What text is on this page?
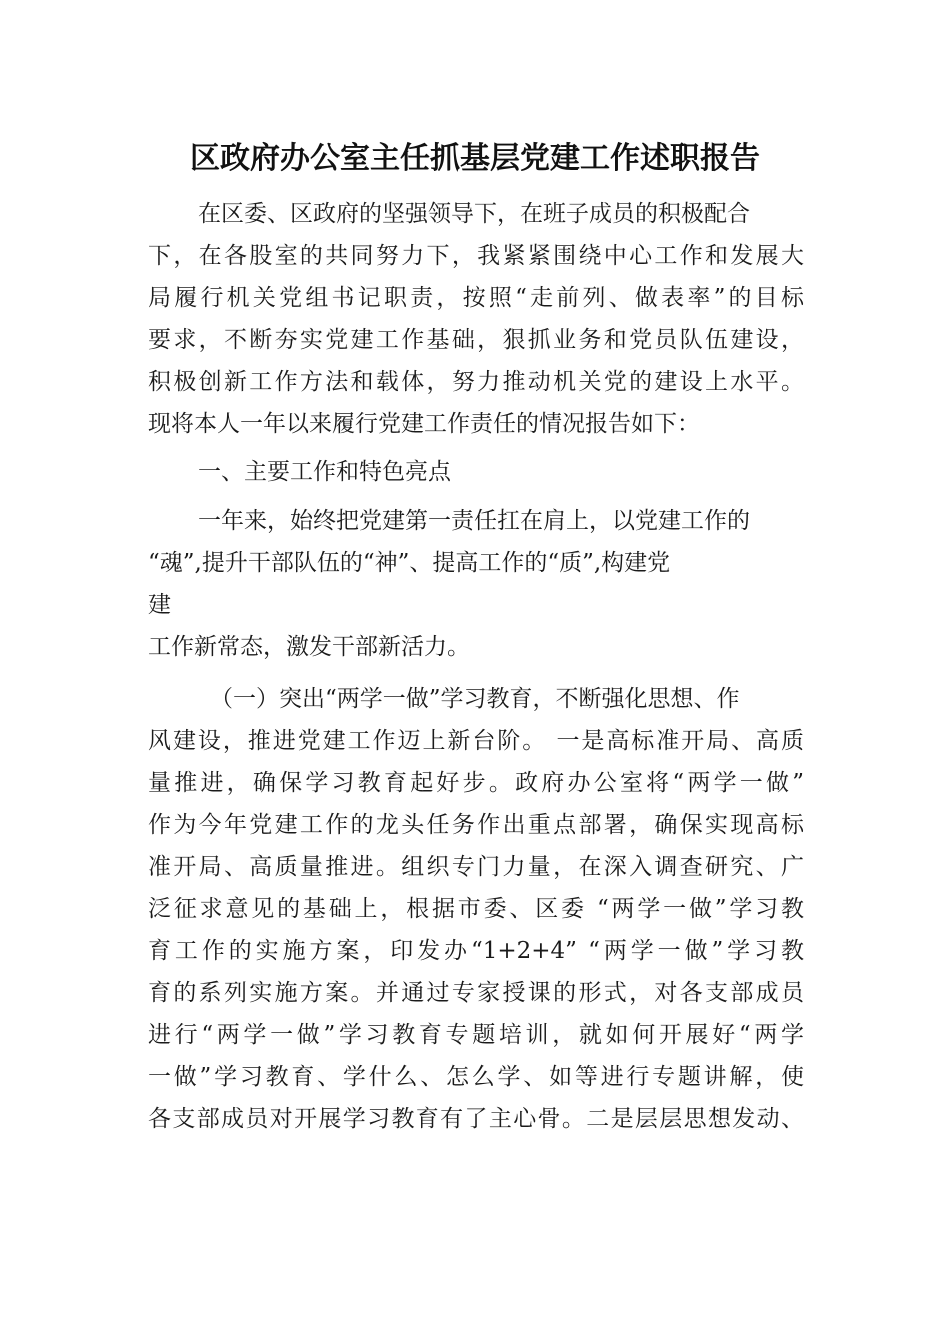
区政府办公室主任抓基层党建工作述职报告

在区委、区政府的坚强领导下，在班子成员的积极配合

下，在各股室的共同努力下，我紧紧围绕中心工作和发展大

局履行机关党组书记职责，按照“走前列、做表率”的目标

要求，不断夯实党建工作基础，狠抓业务和党员队伍建设，

积极创新工作方法和载体，努力推动机关党的建设上水平。

现将本人一年以来履行党建工作责任的情况报告如下：

一、主要工作和特色亮点

一年来，始终把党建第一责任扛在肩上，以党建工作的

“魂”,提升干部队伍的“神”、提高工作的“质”,构建党

建

工作新常态，激发干部新活力。

（一）突出“两学一做”学习教育，不断强化思想、作

风建设，推进党建工作迈上新台阶。 一是高标准开局、高质

量推进，确保学习教育起好步。政府办公室将“两学一做”

作为今年党建工作的龙头任务作出重点部署，确保实现高标

准开局、高质量推进。组织专门力量，在深入调查研究、广

泛征求意见的基础上，根据市委、区委 “两学一做”学习教

育工作的实施方案，印发办“1+2+4” “两学一做”学习教

育的系列实施方案。并通过专家授课的形式，对各支部成员

进行“两学一做”学习教育专题培训，就如何开展好“两学

一做”学习教育、学什么、怎么学、如等进行专题讲解，使

各支部成员对开展学习教育有了主心骨。二是层层思想发动、
